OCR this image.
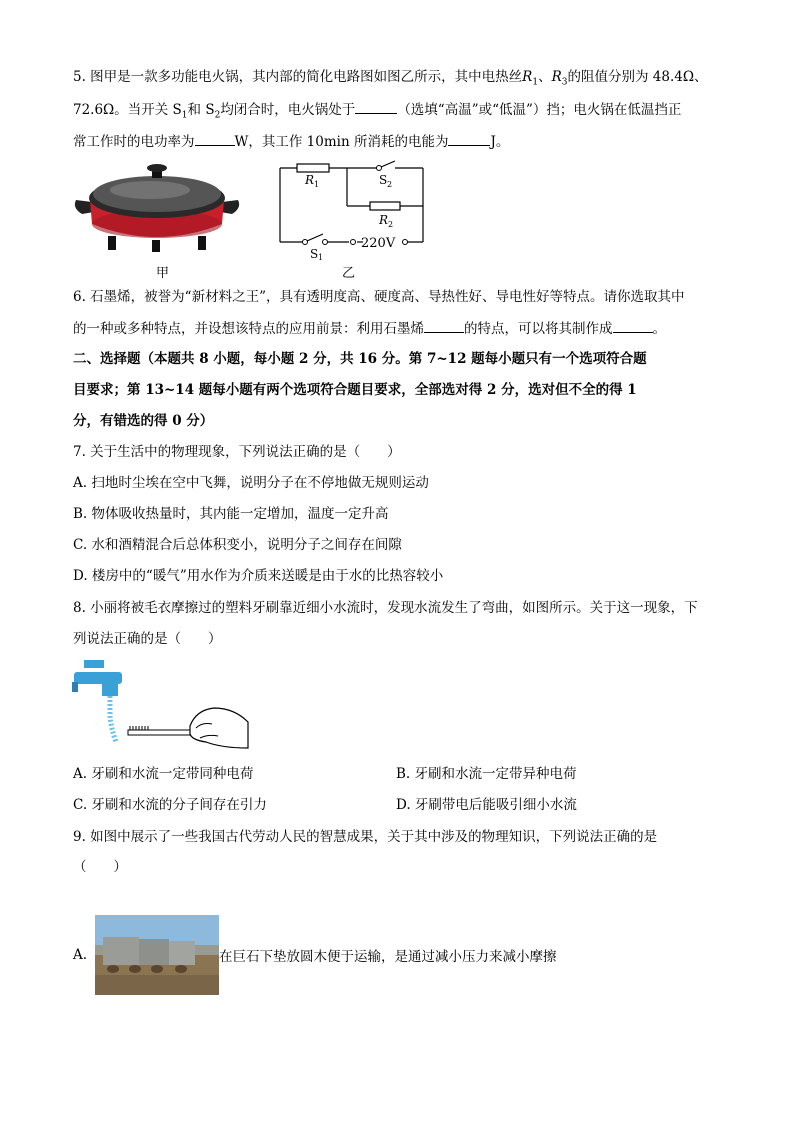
5. 图甲是一款多功能电火锅，其内部的简化电路图如图乙所示，其中电热丝$R_1$、$R_3$的阻值分别为 48.4Ω、
72.6Ω。当开关 $S_1$和 $S_2$均闭合时，电火锅处于	（选填“高温”或“低温”）挡；电火锅在低温挡正
常工作时的电功率为	W，其工作 10min 所消耗的电能为	J。
甲
R 1	S 2
R 2
S 1
220V
乙
6. 石墨烯，被誉为“新材料之王”，具有透明度高、硬度高、导热性好、导电性好等特点。请你选取其中
的一种或多种特点，并设想该特点的应用前景：利用石墨烯	的特点，可以将其制作成	。
二、选择题（本题共 8 小题，每小题 2 分，共 16 分。第 7~12 题每小题只有一个选项符合题
目要求；第 13~14 题每小题有两个选项符合题目要求，全部选对得 2 分，选对但不全的得 1
分，有错选的得 0 分）
7. 关于生活中的物理现象，下列说法正确的是（　　）
A. 扫地时尘埃在空中飞舞，说明分子在不停地做无规则运动
B. 物体吸收热量时，其内能一定增加，温度一定升高
C. 水和酒精混合后总体积变小，说明分子之间存在间隙
D. 楼房中的“暖气”用水作为介质来送暖是由于水的比热容较小
8. 小丽将被毛衣摩擦过的塑料牙刷靠近细小水流时，发现水流发生了弯曲，如图所示。关于这一现象，下
列说法正确的是（　　）
A. 牙刷和水流一定带同种电荷	B. 牙刷和水流一定带异种电荷
C. 牙刷和水流的分子间存在引力	D. 牙刷带电后能吸引细小水流
9. 如图中展示了一些我国古代劳动人民的智慧成果，关于其中涉及的物理知识，下列说法正确的是
（　　）
A.	在巨石下垫放圆木便于运输，是通过减小压力来减小摩擦
